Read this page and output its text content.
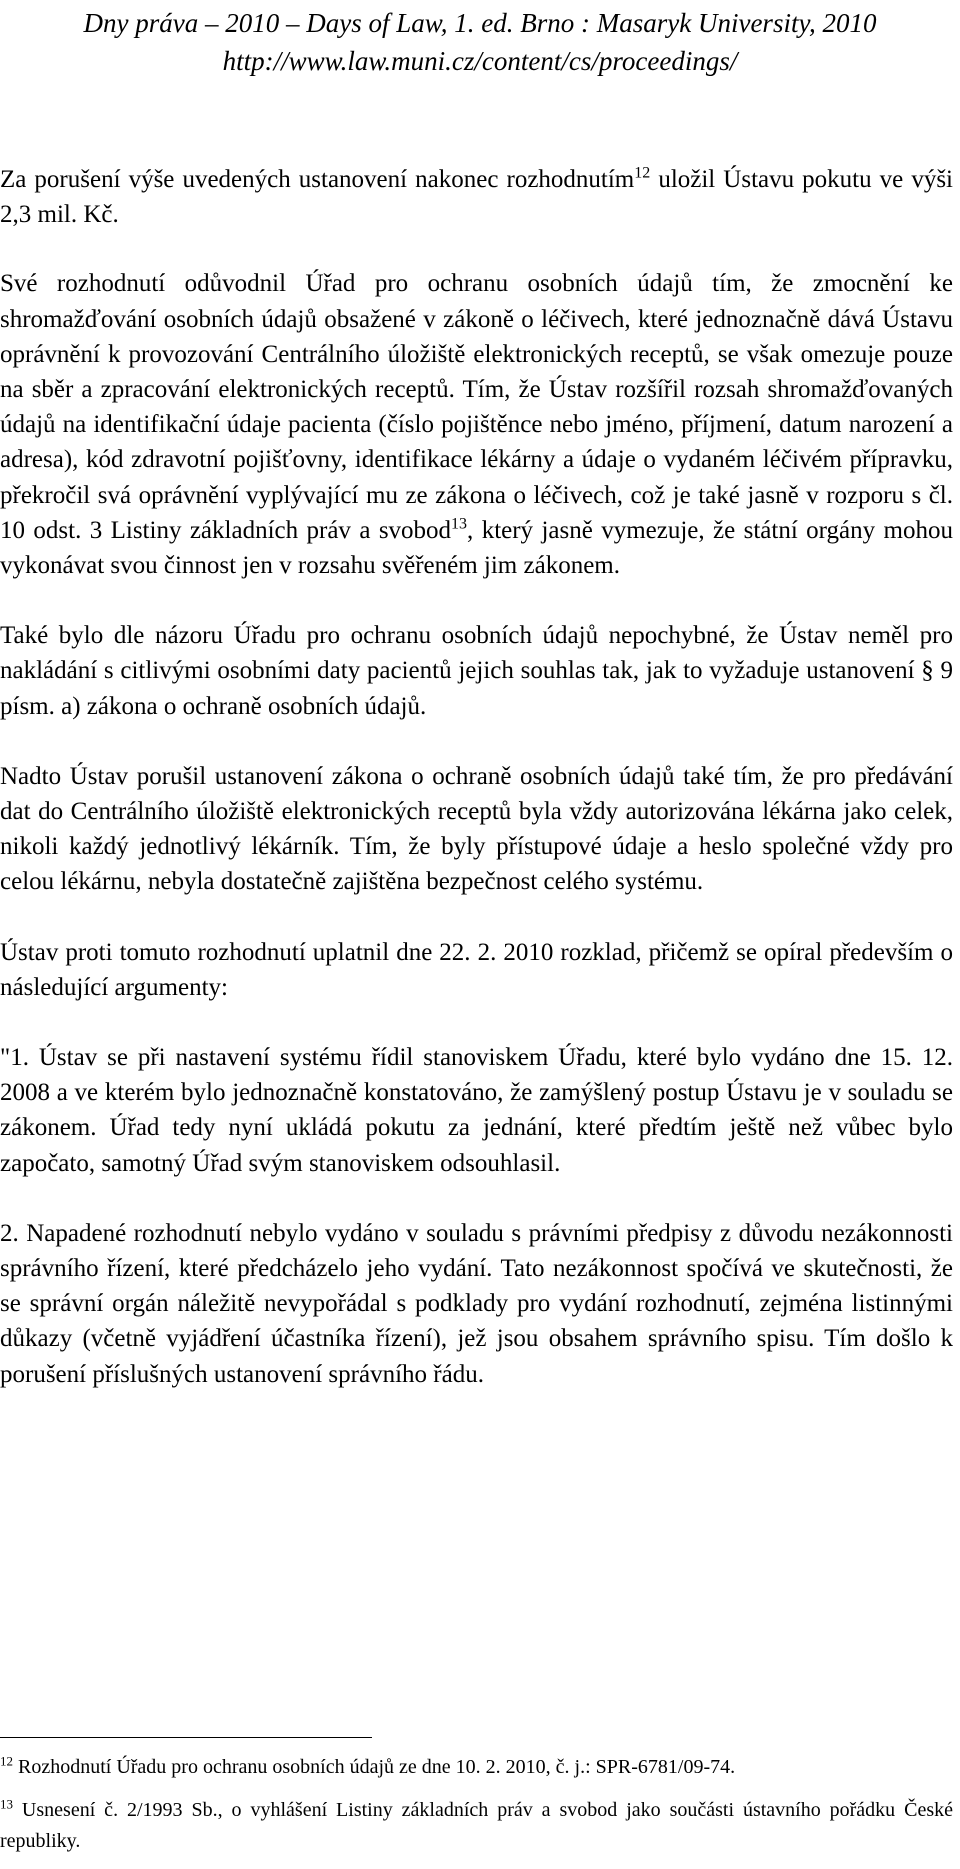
Dny práva – 2010 – Days of Law, 1. ed. Brno : Masaryk University, 2010
http://www.law.muni.cz/content/cs/proceedings/

Za porušení výše uvedených ustanovení nakonec rozhodnutím$^{12}$ uložil Ústavu pokutu ve výši 2,3 mil. Kč.

Své rozhodnutí odůvodnil Úřad pro ochranu osobních údajů tím, že zmocnění ke shromažďování osobních údajů obsažené v zákoně o léčivech, které jednoznačně dává Ústavu oprávnění k provozování Centrálního úložiště elektronických receptů, se však omezuje pouze na sběr a zpracování elektronických receptů. Tím, že Ústav rozšířil rozsah shromažďovaných údajů na identifikační údaje pacienta (číslo pojištěnce nebo jméno, příjmení, datum narození a adresa), kód zdravotní pojišťovny, identifikace lékárny a údaje o vydaném léčivém přípravku, překročil svá oprávnění vyplývající mu ze zákona o léčivech, což je také jasně v rozporu s čl. 10 odst. 3 Listiny základních práv a svobod$^{13}$, který jasně vymezuje, že státní orgány mohou vykonávat svou činnost jen v rozsahu svěřeném jim zákonem.

Také bylo dle názoru Úřadu pro ochranu osobních údajů nepochybné, že Ústav neměl pro nakládání s citlivými osobními daty pacientů jejich souhlas tak, jak to vyžaduje ustanovení § 9 písm. a) zákona o ochraně osobních údajů.

Nadto Ústav porušil ustanovení zákona o ochraně osobních údajů také tím, že pro předávání dat do Centrálního úložiště elektronických receptů byla vždy autorizována lékárna jako celek, nikoli každý jednotlivý lékárník. Tím, že byly přístupové údaje a heslo společné vždy pro celou lékárnu, nebyla dostatečně zajištěna bezpečnost celého systému.

Ústav proti tomuto rozhodnutí uplatnil dne 22. 2. 2010 rozklad, přičemž se opíral především o následující argumenty:

"1. Ústav se při nastavení systému řídil stanoviskem Úřadu, které bylo vydáno dne 15. 12. 2008 a ve kterém bylo jednoznačně konstatováno, že zamýšlený postup Ústavu je v souladu se zákonem. Úřad tedy nyní ukládá pokutu za jednání, které předtím ještě než vůbec bylo započato, samotný Úřad svým stanoviskem odsouhlasil.

2. Napadené rozhodnutí nebylo vydáno v souladu s právními předpisy z důvodu nezákonnosti správního řízení, které předcházelo jeho vydání. Tato nezákonnost spočívá ve skutečnosti, že se správní orgán náležitě nevypořádal s podklady pro vydání rozhodnutí, zejména listinnými důkazy (včetně vyjádření účastníka řízení), jež jsou obsahem správního spisu. Tím došlo k porušení příslušných ustanovení správního řádu.

$^{12}$ Rozhodnutí Úřadu pro ochranu osobních údajů ze dne 10. 2. 2010, č. j.: SPR-6781/09-74.

$^{13}$ Usnesení č. 2/1993 Sb., o vyhlášení Listiny základních práv a svobod jako součásti ústavního pořádku České republiky.
